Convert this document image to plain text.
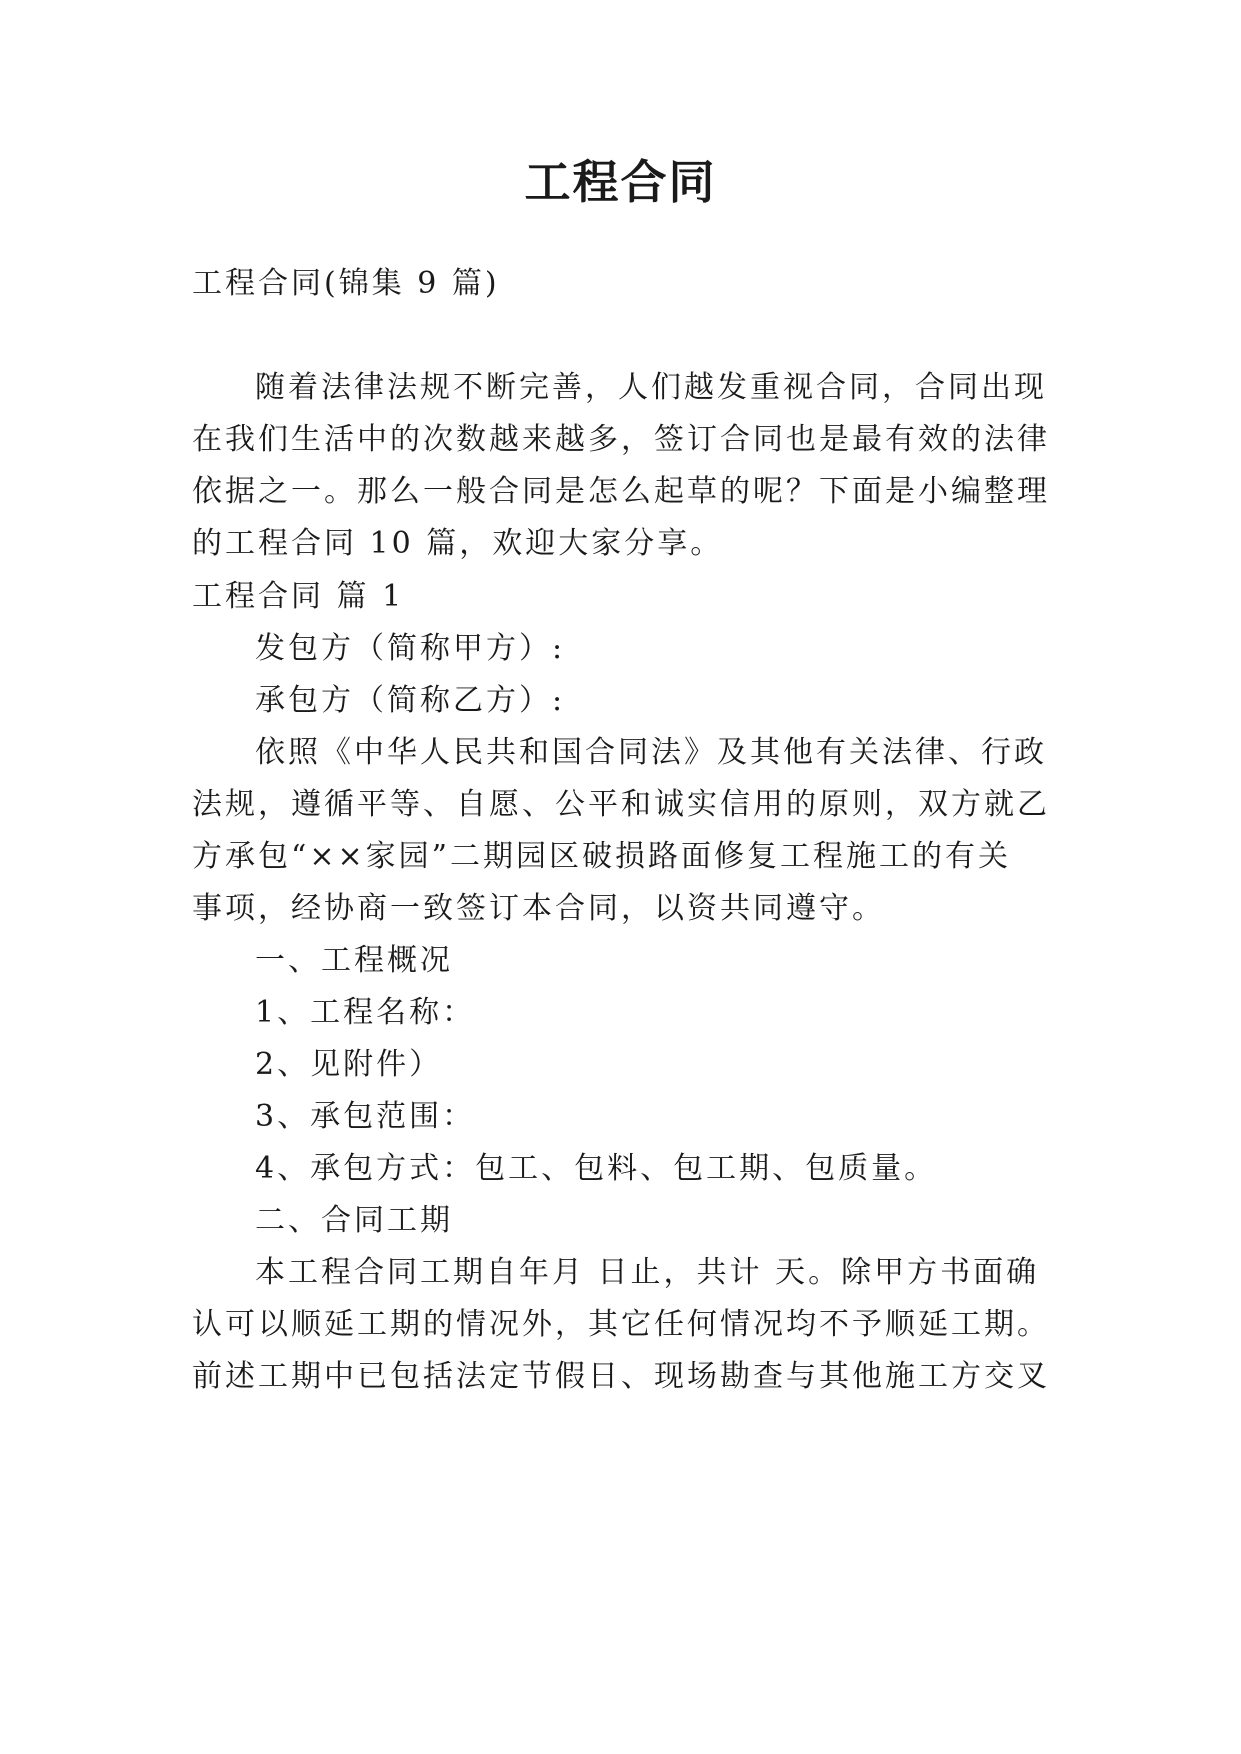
工程合同

工程合同(锦集 9 篇)

随着法律法规不断完善，人们越发重视合同，合同出现

在我们生活中的次数越来越多，签订合同也是最有效的法律

依据之一。那么一般合同是怎么起草的呢？下面是小编整理

的工程合同 10 篇，欢迎大家分享。

工程合同 篇 1

发包方（简称甲方）:

承包方（简称乙方）:

依照《中华人民共和国合同法》及其他有关法律、行政

法规，遵循平等、自愿、公平和诚实信用的原则，双方就乙

方承包“××家园”二期园区破损路面修复工程施工的有关

事项，经协商一致签订本合同，以资共同遵守。

一、工程概况

1、工程名称：

2、见附件）

3、承包范围：

4、承包方式：包工、包料、包工期、包质量。

二、合同工期

本工程合同工期自年月 日止，共计 天。除甲方书面确

认可以顺延工期的情况外，其它任何情况均不予顺延工期。

前述工期中已包括法定节假日、现场勘查与其他施工方交叉
